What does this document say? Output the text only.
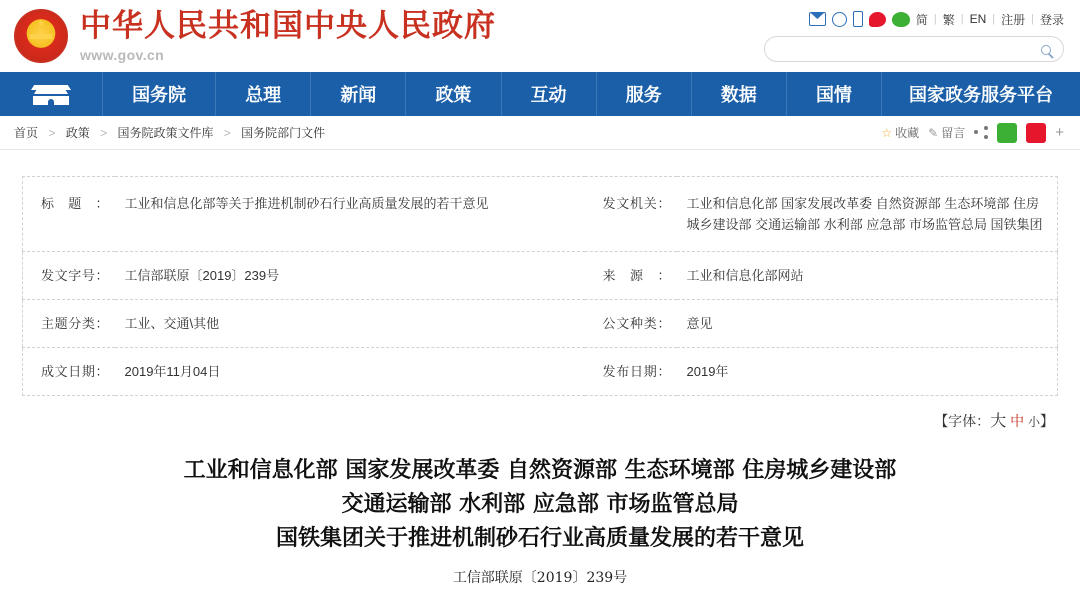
中华人民共和国中央人民政府
www.gov.cn
简 | 繁 | EN | 注册 | 登录
国务院	总理	新闻	政策	互动	服务	数据	国情	国家政务服务平台
首页 > 政策 > 国务院政策文件库 > 国务院部门文件	☆ 收藏 ✎ 留言	+
标题：	工业和信息化部等关于推进机制砂石行业高质量发展的若干意见	发文机关：	工业和信息化部 国家发展改革委 自然资源部 生态环境部 住房城乡建设部 交通运输部 水利部 应急部 市场监管总局 国铁集团
发文字号：	工信部联原〔2019〕239号	来源：	工业和信息化部网站
主题分类：	工业、交通\其他	公文种类：	意见
成文日期：	2019年11月04日	发布日期：	2019年
【字体：大 中 小】
工业和信息化部 国家发展改革委 自然资源部 生态环境部 住房城乡建设部
交通运输部 水利部 应急部 市场监管总局
国铁集团关于推进机制砂石行业高质量发展的若干意见
工信部联原〔2019〕239号
